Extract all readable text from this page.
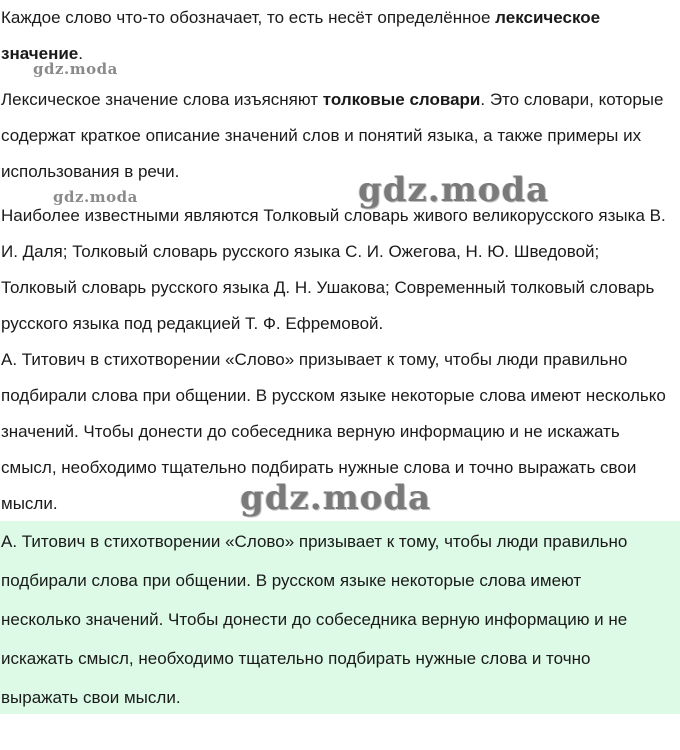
Каждое слово что-то обозначает, то есть несёт определённое лексическое значение.

Лексическое значение слова изъясняют толковые словари. Это словари, которые содержат краткое описание значений слов и понятий языка, а также примеры их использования в речи.

Наиболее известными являются Толковый словарь живого великорусского языка В. И. Даля; Толковый словарь русского языка С. И. Ожегова, Н. Ю. Шведовой; Толковый словарь русского языка Д. Н. Ушакова; Современный толковый словарь русского языка под редакцией Т. Ф. Ефремовой.

А. Титович в стихотворении «Слово» призывает к тому, чтобы люди правильно подбирали слова при общении. В русском языке некоторые слова имеют несколько значений. Чтобы донести до собеседника верную информацию и не искажать смысл, необходимо тщательно подбирать нужные слова и точно выражать свои мысли.

А. Титович в стихотворении «Слово» призывает к тому, чтобы люди правильно подбирали слова при общении. В русском языке некоторые слова имеют несколько значений. Чтобы донести до собеседника верную информацию и не искажать смысл, необходимо тщательно подбирать нужные слова и точно выражать свои мысли.

gdz.moda
gdz.moda	gdz.moda
gdz.moda
